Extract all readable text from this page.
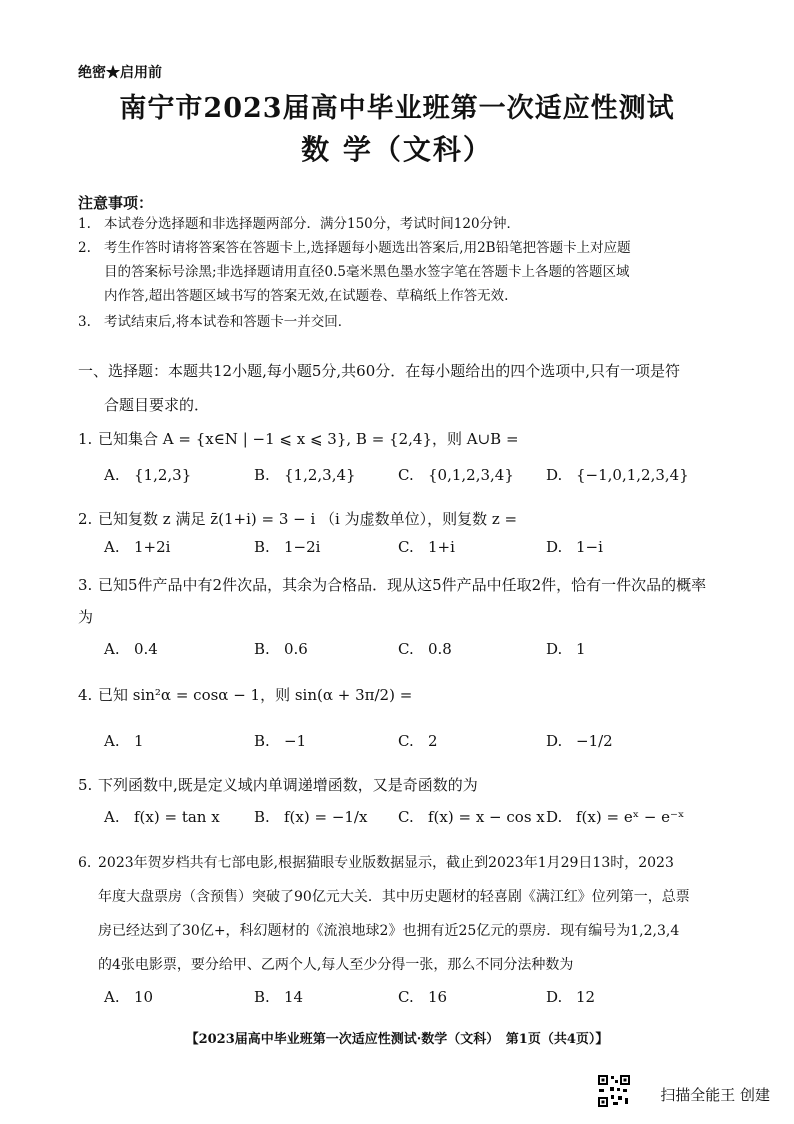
绝密★启用前
南宁市2023届高中毕业班第一次适应性测试
数 学（文科）
注意事项：
1. 本试卷分选择题和非选择题两部分．满分150分，考试时间120分钟．
2. 考生作答时请将答案答在答题卡上,选择题每小题选出答案后,用2B铅笔把答题卡上对应题
目的答案标号涂黑;非选择题请用直径0.5毫米黑色墨水签字笔在答题卡上各题的答题区域
内作答,超出答题区域书写的答案无效,在试题卷、草稿纸上作答无效.
3. 考试结束后,将本试卷和答题卡一并交回．
一、选择题：本题共12小题,每小题5分,共60分．在每小题给出的四个选项中,只有一项是符
合题目要求的．
1. 已知集合 A = {x∈N | −1 ⩽ x ⩽ 3}, B = {2,4}，则 A∪B =
A. {1,2,3}	B. {1,2,3,4}	C. {0,1,2,3,4} D. {−1,0,1,2,3,4}
2. 已知复数 z 满足 z̄(1+i) = 3 − i （i 为虚数单位），则复数 z =
A. 1+2i	B. 1−2i	C. 1+i	D. 1−i
3. 已知5件产品中有2件次品，其余为合格品．现从这5件产品中任取2件，恰有一件次品的概率
为
A. 0.4	B. 0.6	C. 0.8	D. 1
4. 已知 sin²α = cosα − 1，则 sin(α + 3π/2) =
A. 1	B. −1	C. 2	D. −1/2
5. 下列函数中,既是定义域内单调递增函数，又是奇函数的为
A. f(x) = tan x B. f(x) = −1/x C. f(x) = x − cos x D. f(x) = eˣ − e⁻ˣ
6. 2023年贺岁档共有七部电影,根据猫眼专业版数据显示，截止到2023年1月29日13时，2023
年度大盘票房（含预售）突破了90亿元大关．其中历史题材的轻喜剧《满江红》位列第一，总票
房已经达到了30亿+，科幻题材的《流浪地球2》也拥有近25亿元的票房．现有编号为1,2,3,4
的4张电影票，要分给甲、乙两个人,每人至少分得一张，那么不同分法种数为
A. 10	B. 14	C. 16	D. 12
【2023届高中毕业班第一次适应性测试·数学（文科）　第1页（共4页）】
扫描全能王 创建
